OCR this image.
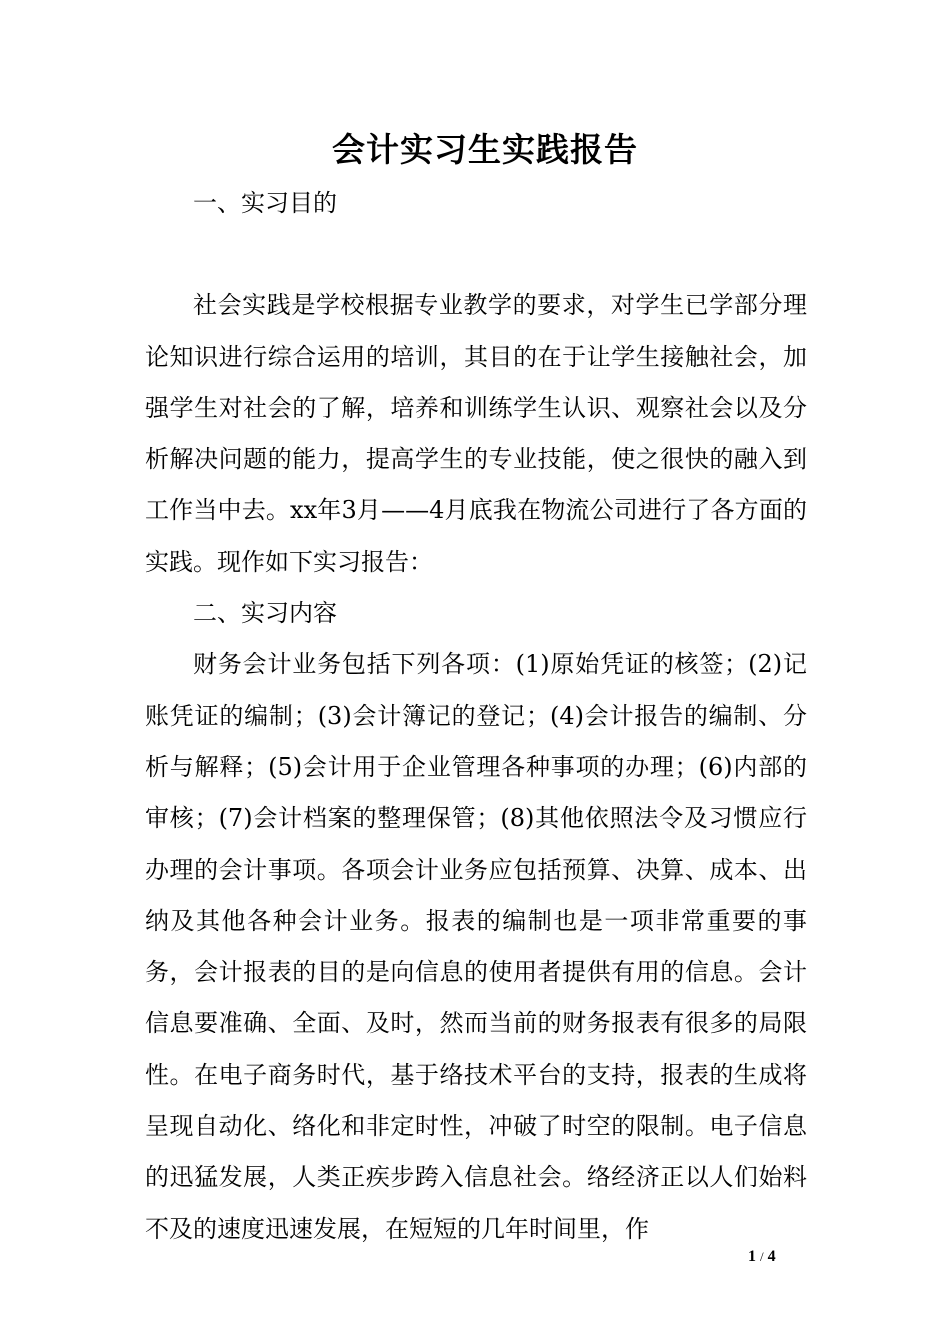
会计实习生实践报告

一、实习目的

社会实践是学校根据专业教学的要求，对学生已学部分理论知识进行综合运用的培训，其目的在于让学生接触社会，加强学生对社会的了解，培养和训练学生认识、观察社会以及分析解决问题的能力，提高学生的专业技能，使之很快的融入到工作当中去。xx年3月——4月底我在物流公司进行了各方面的实践。现作如下实习报告：

二、实习内容

财务会计业务包括下列各项：(1)原始凭证的核签；(2)记账凭证的编制；(3)会计簿记的登记；(4)会计报告的编制、分析与解释；(5)会计用于企业管理各种事项的办理；(6)内部的审核；(7)会计档案的整理保管；(8)其他依照法令及习惯应行办理的会计事项。各项会计业务应包括预算、决算、成本、出纳及其他各种会计业务。报表的编制也是一项非常重要的事务，会计报表的目的是向信息的使用者提供有用的信息。会计信息要准确、全面、及时，然而当前的财务报表有很多的局限性。在电子商务时代，基于络技术平台的支持，报表的生成将呈现自动化、络化和非定时性，冲破了时空的限制。电子信息的迅猛发展，人类正疾步跨入信息社会。络经济正以人们始料不及的速度迅速发展，在短短的几年时间里，作

1 / 4
